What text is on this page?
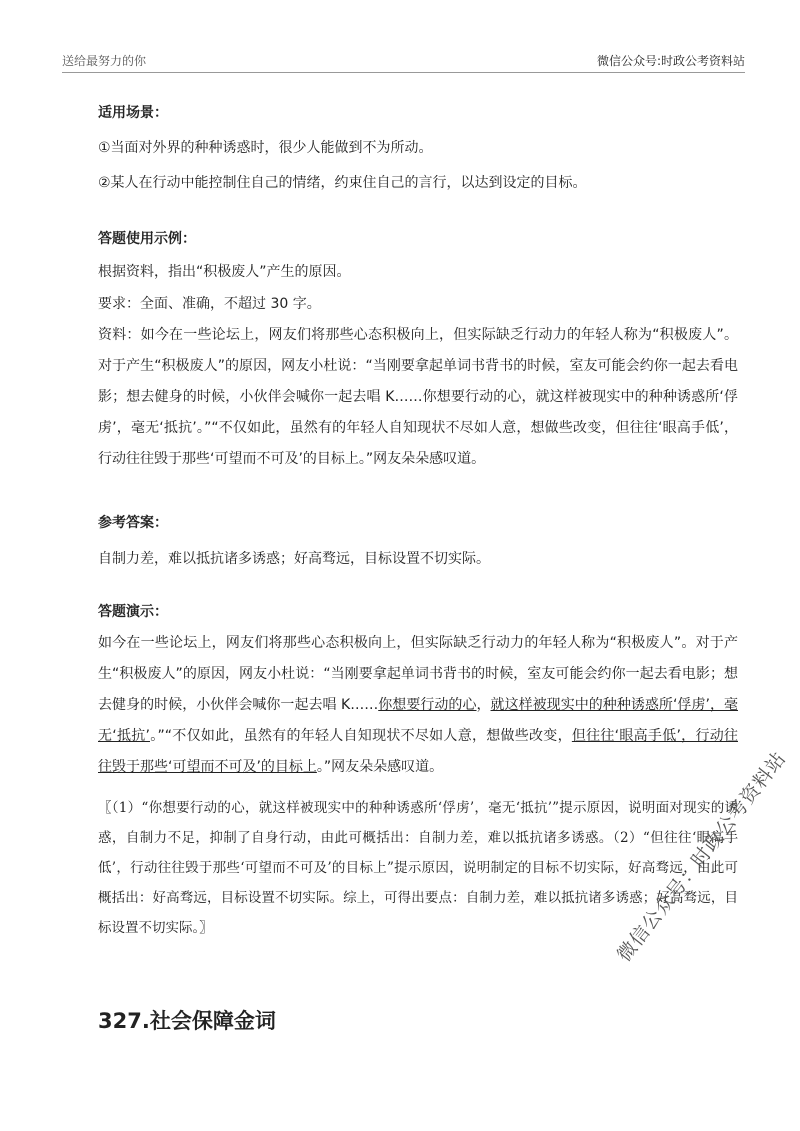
送给最努力的你	微信公众号:时政公考资料站
适用场景：
①当面对外界的种种诱惑时，很少人能做到不为所动。
②某人在行动中能控制住自己的情绪，约束住自己的言行，以达到设定的目标。
答题使用示例：
根据资料，指出“积极废人”产生的原因。
要求：全面、准确，不超过 30 字。
资料：如今在一些论坛上，网友们将那些心态积极向上，但实际缺乏行动力的年轻人称为“积极废人”。对于产生“积极废人”的原因，网友小杜说：“当刚要拿起单词书背书的时候，室友可能会约你一起去看电影；想去健身的时候，小伙伴会喊你一起去唱 K……你想要行动的心，就这样被现实中的种种诱惑所‘俘虏’，毫无‘抵抗’。”“不仅如此，虽然有的年轻人自知现状不尽如人意，想做些改变，但往往‘眼高手低’，行动往往毁于那些‘可望而不可及’的目标上。”网友朵朵感叹道。
参考答案：
自制力差，难以抵抗诸多诱惑；好高骛远，目标设置不切实际。
答题演示：
如今在一些论坛上，网友们将那些心态积极向上，但实际缺乏行动力的年轻人称为“积极废人”。对于产生“积极废人”的原因，网友小杜说：“当刚要拿起单词书背书的时候，室友可能会约你一起去看电影；想去健身的时候，小伙伴会喊你一起去唱 K……你想要行动的心，就这样被现实中的种种诱惑所‘俘虏’，毫无‘抵抗’。”“不仅如此，虽然有的年轻人自知现状不尽如人意，想做些改变，但往往‘眼高手低’，行动往往毁于那些‘可望而不可及’的目标上。”网友朵朵感叹道。
〖（1）“你想要行动的心，就这样被现实中的种种诱惑所‘俘虏’，毫无‘抵抗’”提示原因，说明面对现实的诱惑，自制力不足，抑制了自身行动，由此可概括出：自制力差，难以抵抗诸多诱惑。（2）“但往往‘眼高手低’，行动往往毁于那些‘可望而不可及’的目标上”提示原因，说明制定的目标不切实际，好高骛远，由此可概括出：好高骛远，目标设置不切实际。综上，可得出要点：自制力差，难以抵抗诸多诱惑；好高骛远，目标设置不切实际。〗
327.社会保障金词
微信公众号：时政公考资料站
